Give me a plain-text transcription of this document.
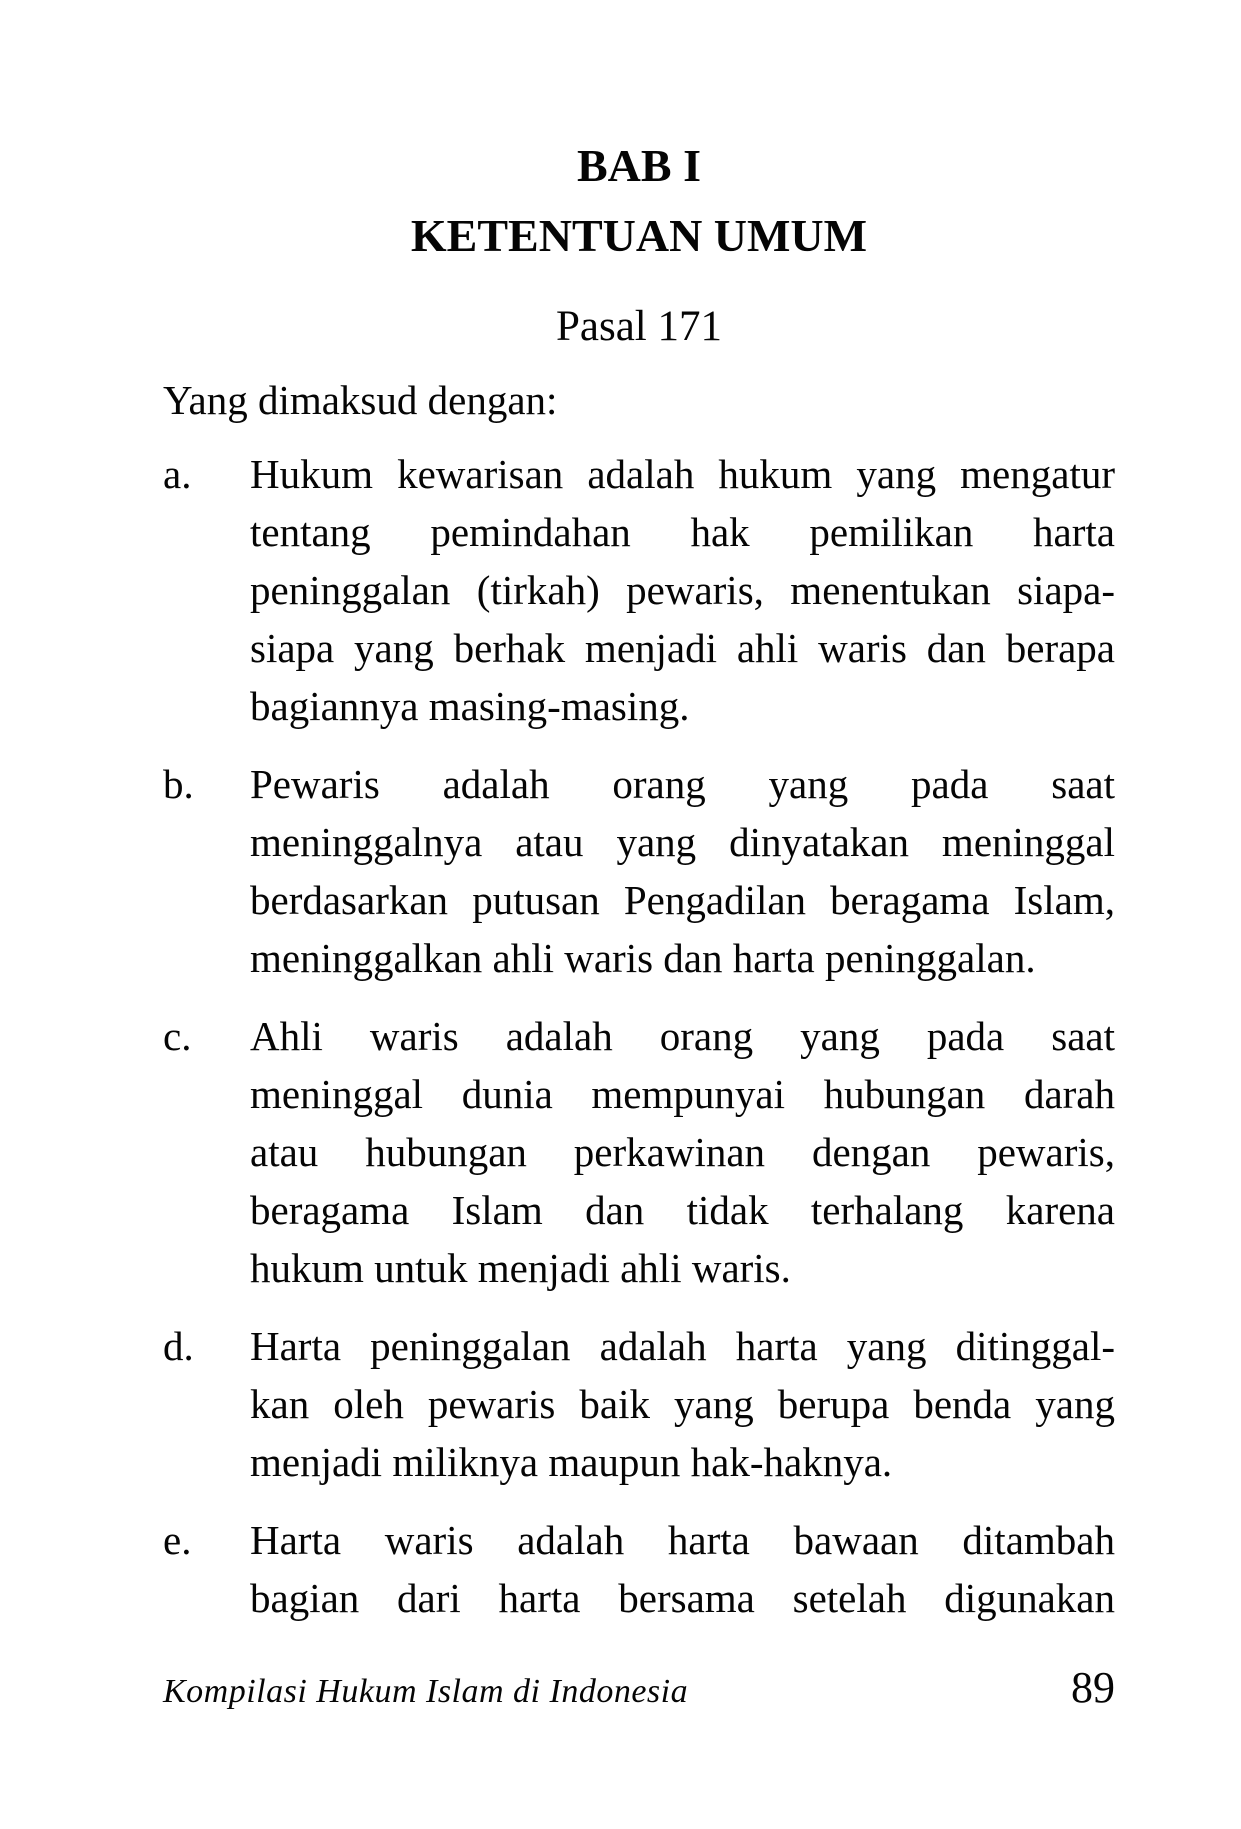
BAB I
KETENTUAN UMUM
Pasal 171

Yang dimaksud dengan:

a. Hukum kewarisan adalah hukum yang mengatur
tentang pemindahan hak pemilikan harta
peninggalan (tirkah) pewaris, menentukan siapa-
siapa yang berhak menjadi ahli waris dan berapa
bagiannya masing-masing.
b. Pewaris adalah orang yang pada saat
meninggalnya atau yang dinyatakan meninggal
berdasarkan putusan Pengadilan beragama Islam,
meninggalkan ahli waris dan harta peninggalan.
c. Ahli waris adalah orang yang pada saat
meninggal dunia mempunyai hubungan darah
atau hubungan perkawinan dengan pewaris,
beragama Islam dan tidak terhalang karena
hukum untuk menjadi ahli waris.
d. Harta peninggalan adalah harta yang ditinggal-
kan oleh pewaris baik yang berupa benda yang
menjadi miliknya maupun hak-haknya.
e. Harta waris adalah harta bawaan ditambah
bagian dari harta bersama setelah digunakan
Kompilasi Hukum Islam di Indonesia	89
